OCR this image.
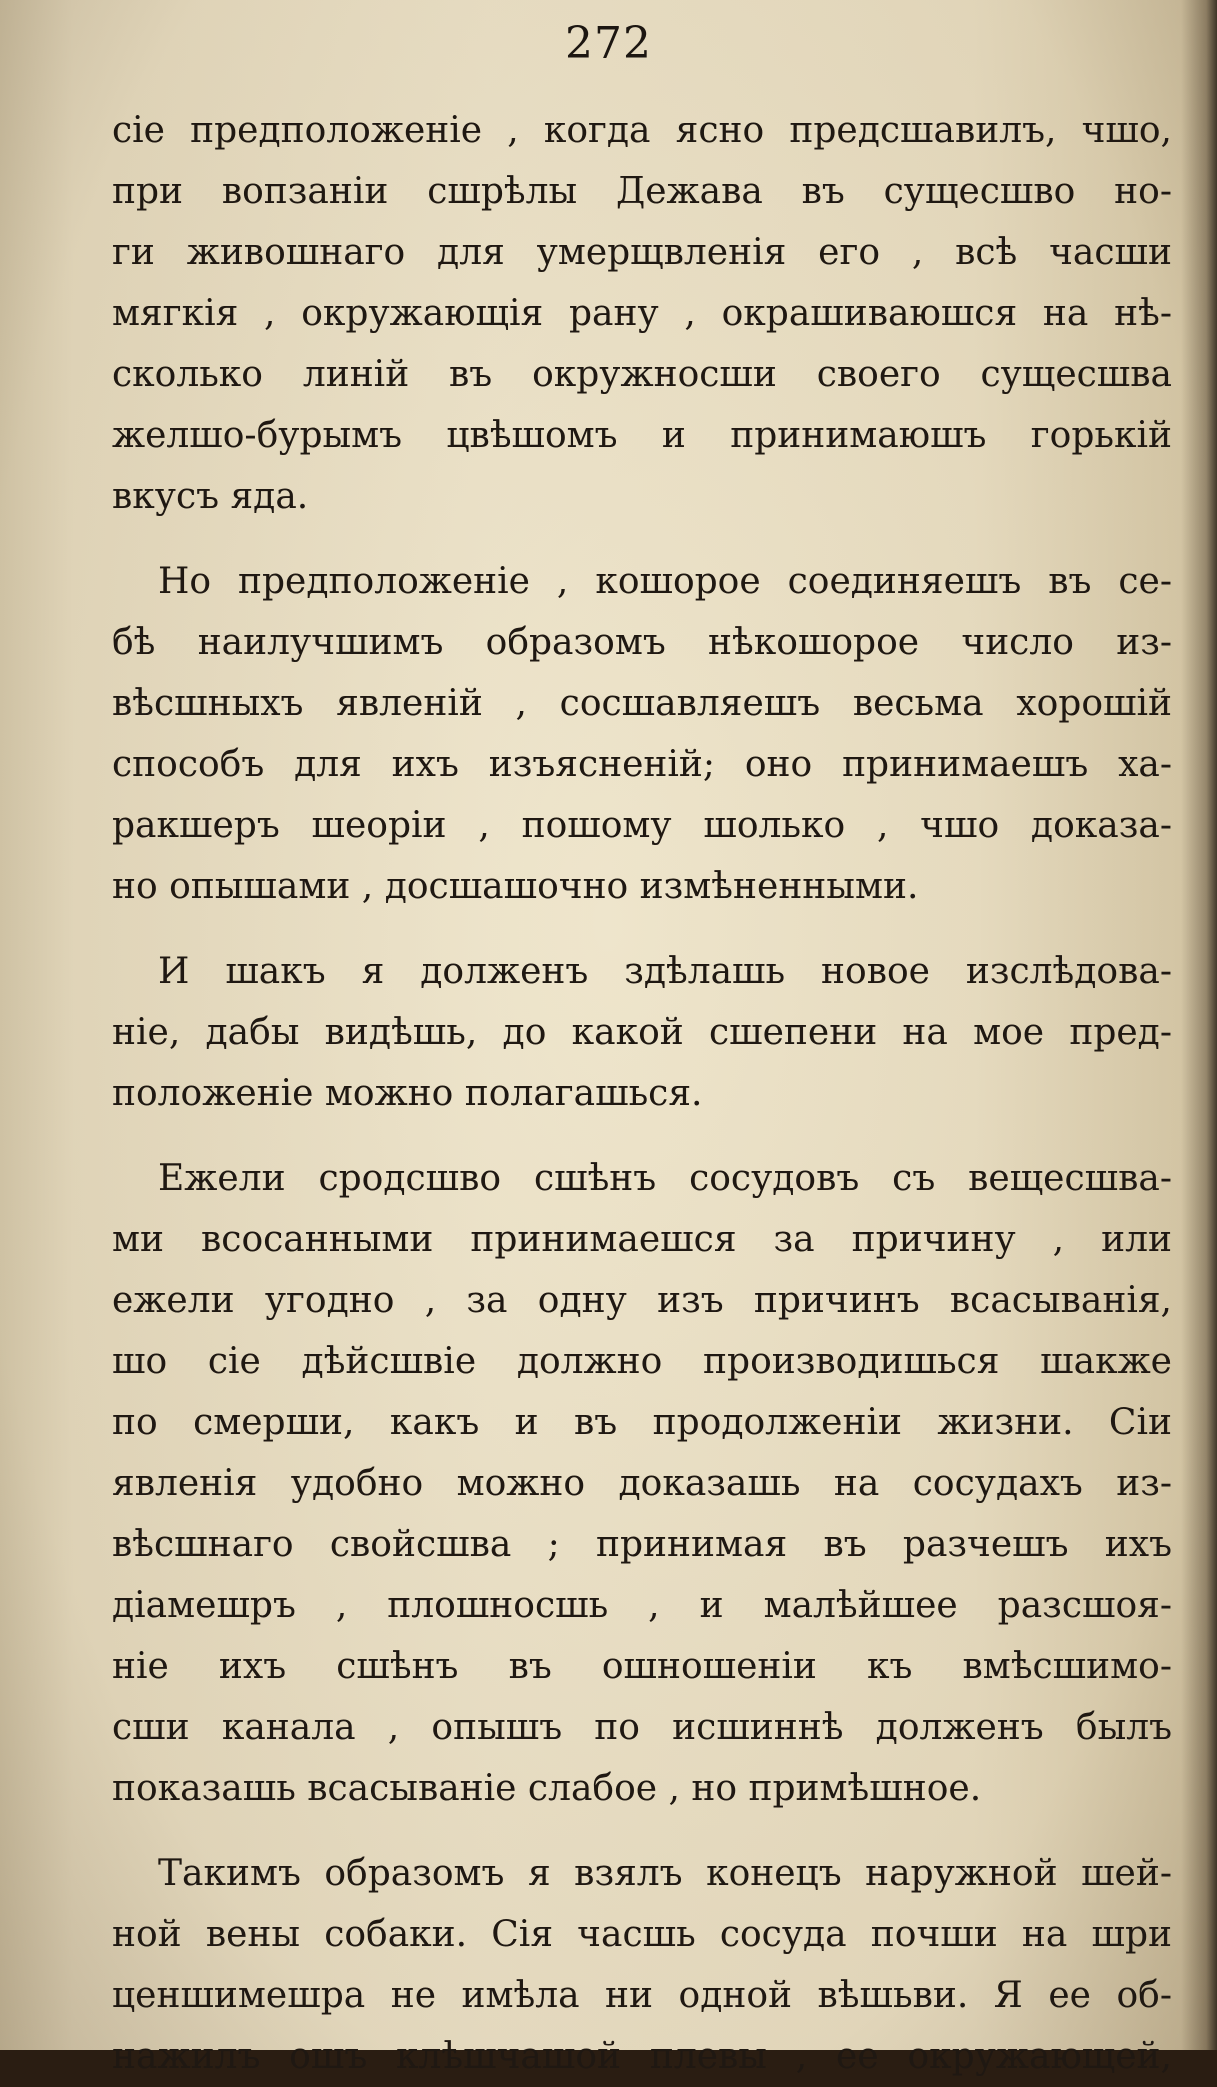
272
сіе предположеніе , когда ясно предсшавилъ, чшо,
при вопзаніи сшрѣлы Дежава въ сущесшво но-
ги живошнаго для умерщвленія его , всѣ часши
мягкія , окружающія рану , окрашиваюшся на нѣ-
сколько линій въ окружносши своего сущесшва
желшо-бурымъ цвѣшомъ и принимаюшъ горькій
вкусъ яда.
Но предположеніе , кошорое соединяешъ въ се-
бѣ наилучшимъ образомъ нѣкошорое число из-
вѣсшныхъ явленій , сосшавляешъ весьма хорошій
способъ для ихъ изъясненій; оно принимаешъ ха-
ракшеръ шеоріи , пошому шолько , чшо доказа-
но опышами , досшашочно измѣненными.
И шакъ я долженъ здѣлашь новое изслѣдова-
ніе, дабы видѣшь, до какой сшепени на мое пред-
положеніе можно полагашься.
Ежели сродсшво сшѣнъ сосудовъ съ вещесшва-
ми всосанными принимаешся за причину , или
ежели угодно , за одну изъ причинъ всасыванія,
шо сіе дѣйсшвіе должно производишься шакже
по смерши, какъ и въ продолженіи жизни. Сіи
явленія удобно можно доказашь на сосудахъ из-
вѣсшнаго свойсшва ; принимая въ разчешъ ихъ
діамешръ , плошносшь , и малѣйшее разсшоя-
ніе ихъ сшѣнъ въ ошношеніи къ вмѣсшимо-
сши канала , опышъ по исшиннѣ долженъ былъ
показашь всасываніе слабое , но примѣшное.
Такимъ образомъ я взялъ конецъ наружной шей-
ной вены собаки. Сія часшь сосуда почши на шри
ценшимешра не имѣла ни одной вѣшьви. Я ее об-
нажилъ ошъ клѣшчашой плевы , ее окружающей,
